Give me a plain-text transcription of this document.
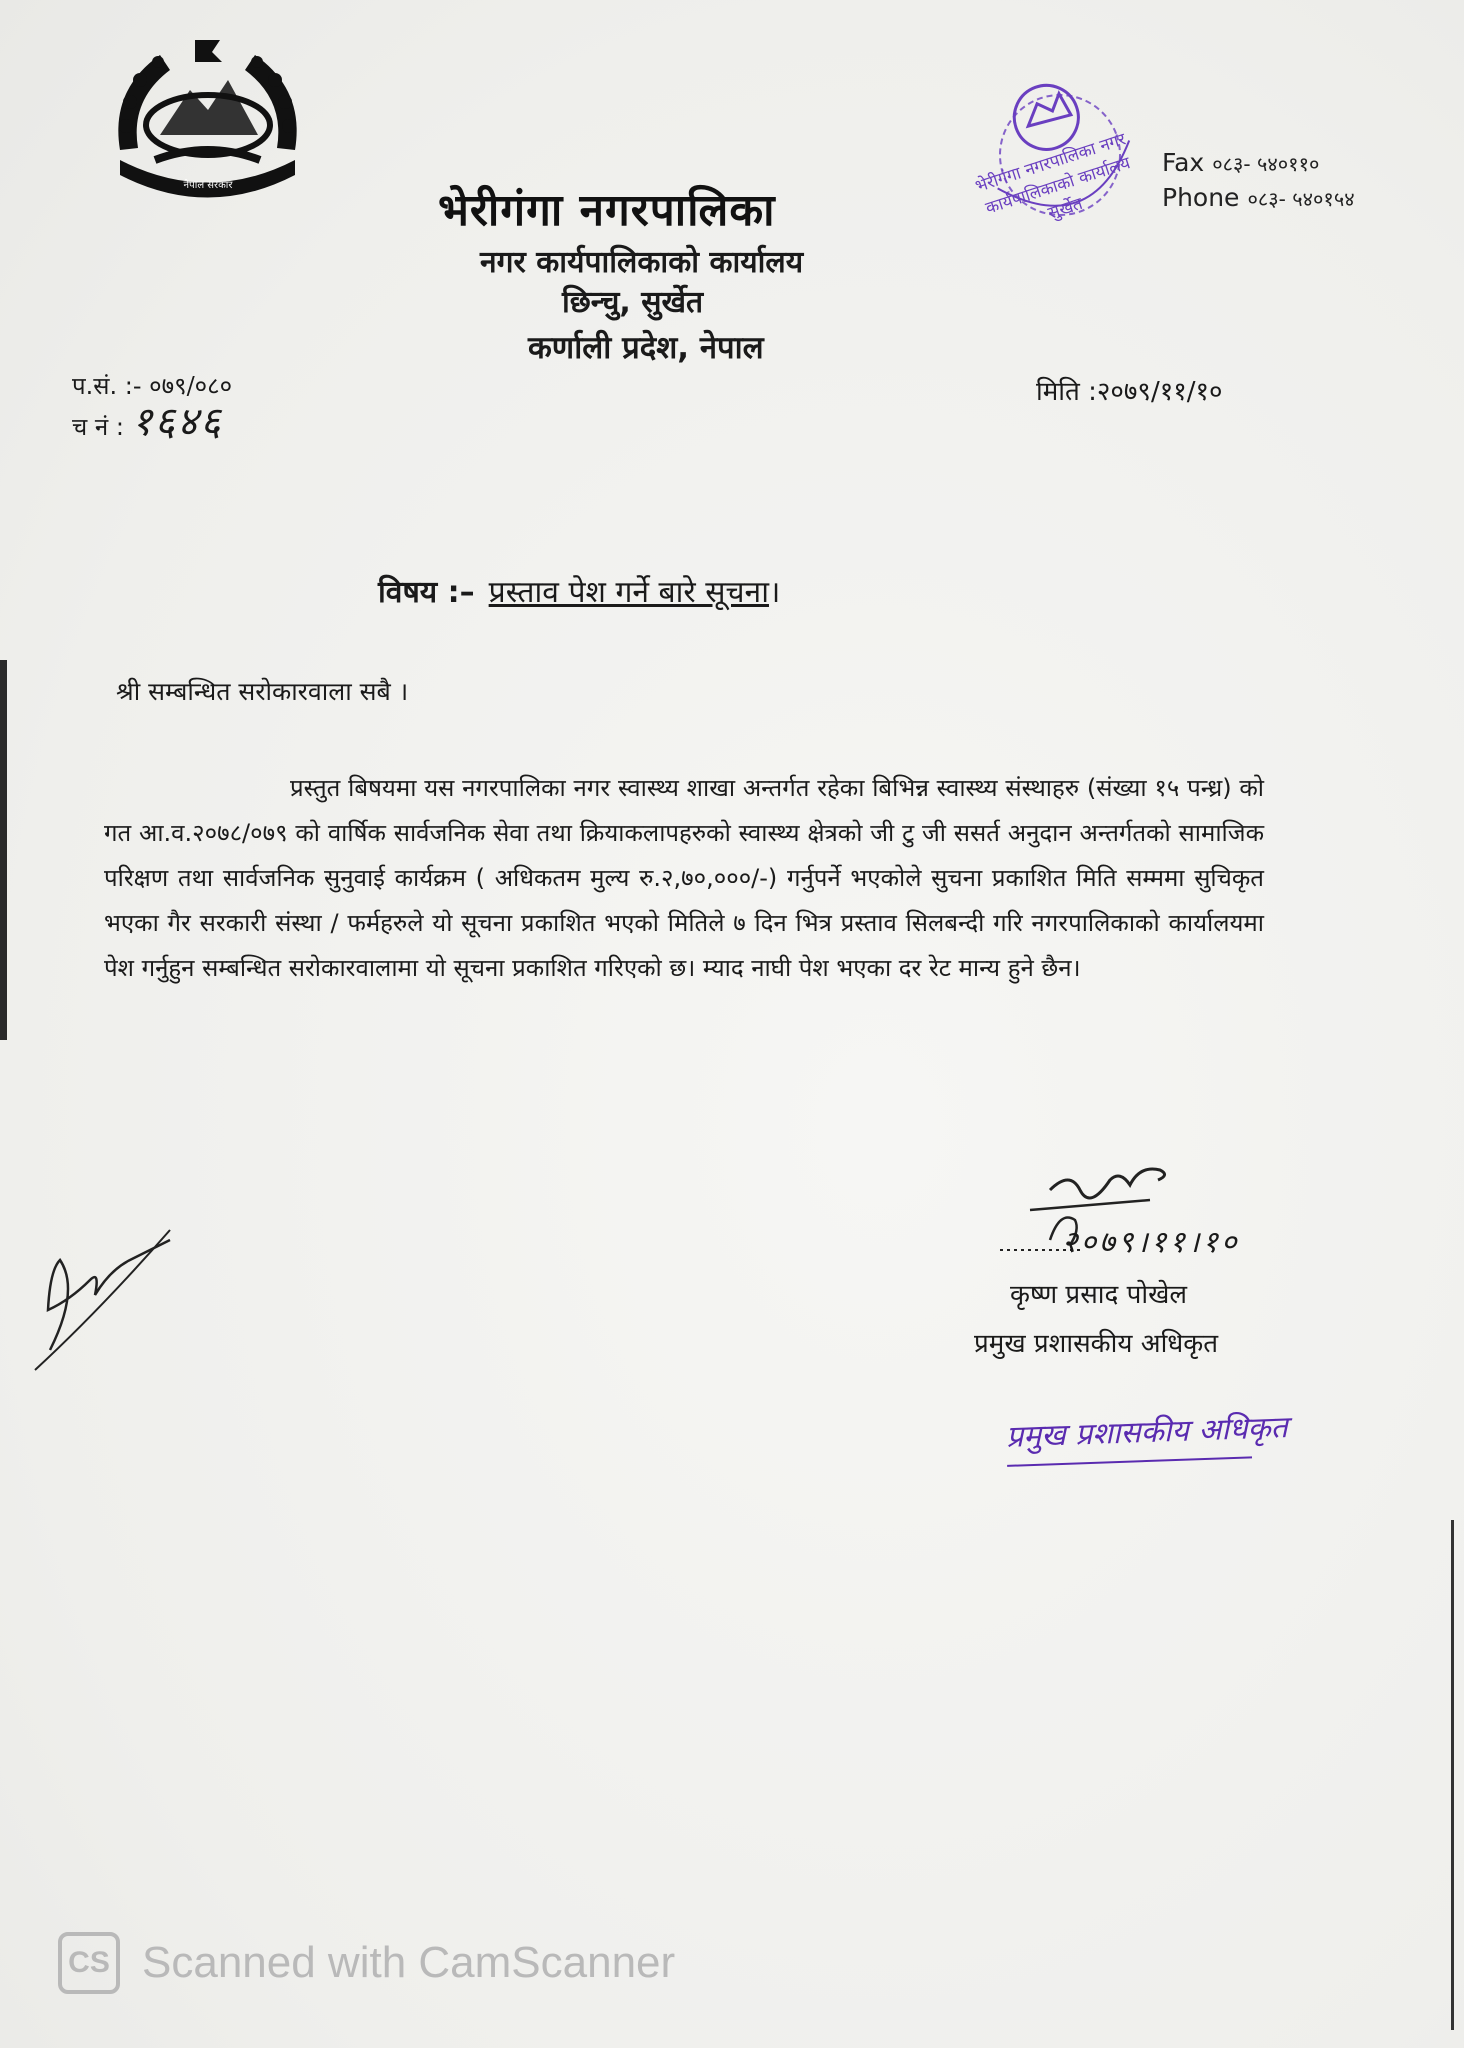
नेपाल सरकार	भेरीगंगा नगरपालिका नगर कार्यपालिकाको कार्यालय सुर्खेत
Fax ०८३- ५४०११०
Phone ०८३- ५४०१५४
भेरीगंगा नगरपालिका
नगर कार्यपालिकाको कार्यालय
छिन्चु, सुर्खेत
कर्णाली प्रदेश, नेपाल
प.सं. :- ०७९/०८०
च नं : १६४६
मिति :२०७९/११/१०
विषय :– प्रस्ताव पेश गर्ने बारे सूचना।
श्री सम्बन्धित सरोकारवाला सबै ।
प्रस्तुत बिषयमा यस नगरपालिका नगर स्वास्थ्य शाखा अन्तर्गत रहेका बिभिन्न स्वास्थ्य संस्थाहरु (संख्या १५ पन्ध्र) को गत आ.व.२०७८/०७९ को वार्षिक सार्वजनिक सेवा तथा क्रियाकलापहरुको स्वास्थ्य क्षेत्रको जी टु जी ससर्त अनुदान अन्तर्गतको सामाजिक परिक्षण तथा सार्वजनिक सुनुवाई कार्यक्रम ( अधिकतम मुल्य रु.२,७०,०००/-) गर्नुपर्ने भएकोले सुचना प्रकाशित मिति सम्ममा सुचिकृत भएका गैर सरकारी संस्था / फर्महरुले यो सूचना प्रकाशित भएको मितिले ७ दिन भित्र प्रस्ताव सिलबन्दी गरि नगरपालिकाको कार्यालयमा पेश गर्नुहुन सम्बन्धित सरोकारवालामा यो सूचना प्रकाशित गरिएको छ। म्याद नाघी पेश भएका दर रेट मान्य हुने छैन।
२०७९।११।१०
कृष्ण प्रसाद पोखेल
प्रमुख प्रशासकीय अधिकृत
प्रमुख प्रशासकीय अधिकृत
CS Scanned with CamScanner
